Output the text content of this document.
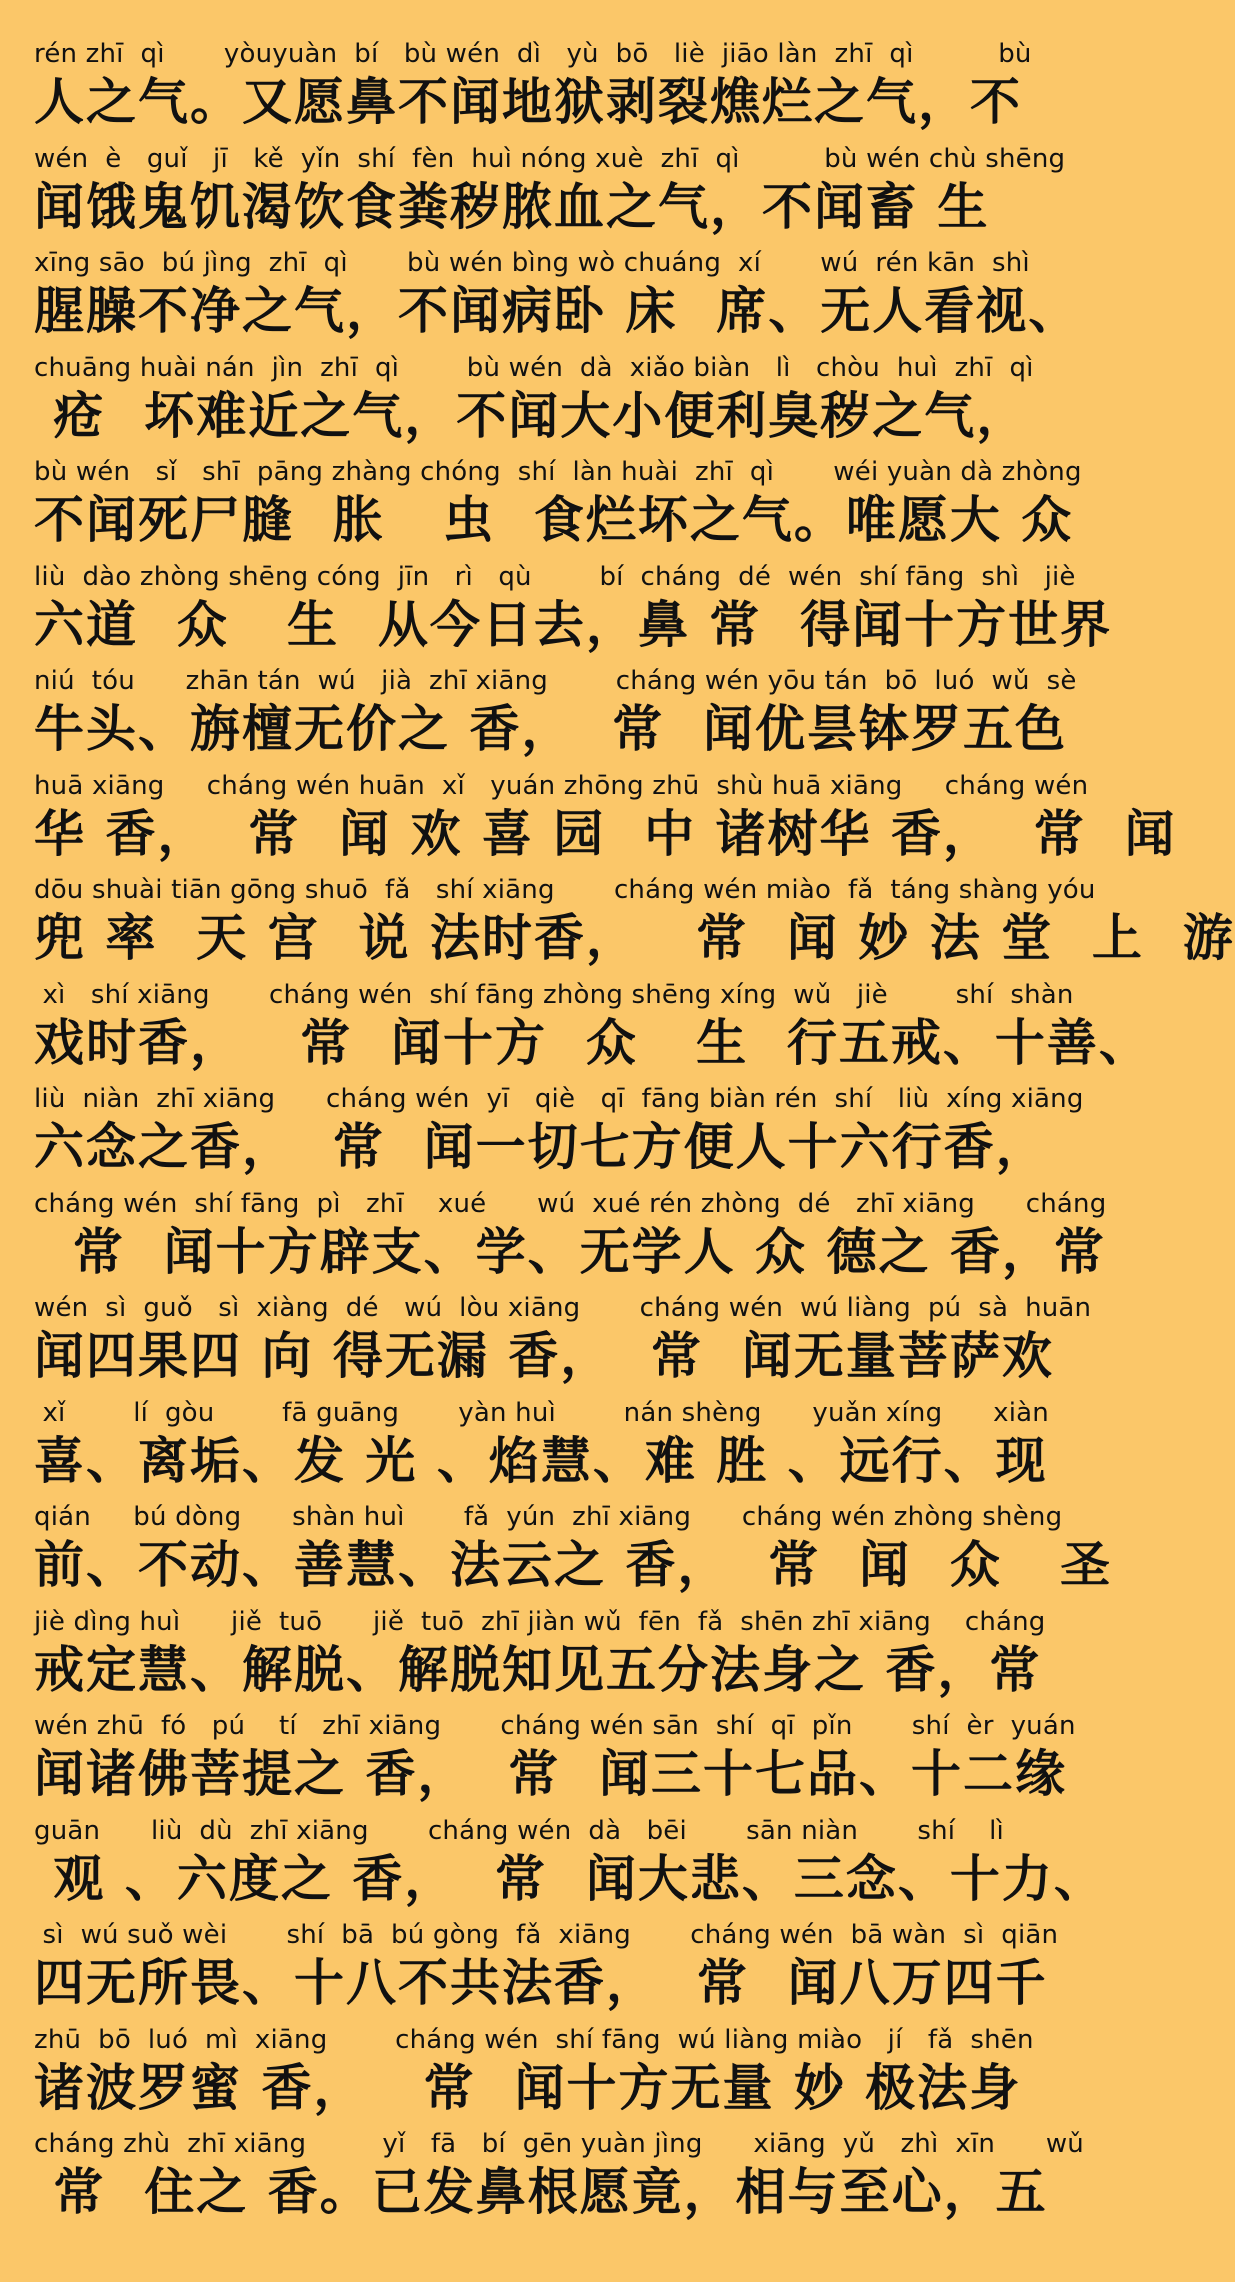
rén zhī  qì       yòuyuàn  bí   bù wén  dì   yù  bō   liè  jiāo làn  zhī  qì          bù
人之气。又愿鼻不闻地狱剥裂燋烂之气，不
wén  è   guǐ   jī   kě  yǐn  shí  fèn  huì nóng xuè  zhī  qì          bù wén chù shēng
闻饿鬼饥渴饮食粪秽脓血之气，不闻畜 生
xīng sāo  bú jìng  zhī  qì       bù wén bìng wò chuáng  xí       wú  rén kān  shì
腥臊不净之气，不闻病卧 床  席、无人看视、
chuāng huài nán  jìn  zhī  qì        bù wén  dà  xiǎo biàn   lì   chòu  huì  zhī  qì
疮  坏难近之气，不闻大小便利臭秽之气，
bù wén   sǐ   shī  pāng zhàng chóng  shí  làn huài  zhī  qì       wéi yuàn dà zhòng
不闻死尸膖  胀   虫  食烂坏之气。唯愿大 众
liù  dào zhòng shēng cóng  jīn   rì   qù        bí  cháng  dé  wén  shí fāng  shì   jiè
六道  众   生  从今日去，鼻 常  得闻十方世界
niú  tóu      zhān tán  wú   jià  zhī xiāng        cháng wén yōu tán  bō  luó  wǔ  sè
牛头、旃檀无价之 香，  常  闻优昙钵罗五色
huā xiāng     cháng wén huān  xǐ   yuán zhōng zhū  shù huā xiāng     cháng wén
华 香，  常  闻 欢 喜 园  中 诸树华 香，  常  闻
dōu shuài tiān gōng shuō  fǎ   shí xiāng       cháng wén miào  fǎ  táng shàng yóu
兜 率  天 宫  说 法时香，   常  闻 妙 法 堂  上  游
xì   shí xiāng       cháng wén  shí fāng zhòng shēng xíng  wǔ   jiè        shí  shàn
戏时香，   常  闻十方  众   生  行五戒、十善、
liù  niàn  zhī xiāng      cháng wén  yī   qiè   qī  fāng biàn rén  shí   liù  xíng xiāng
六念之香，  常  闻一切七方便人十六行香，
cháng wén  shí fāng  pì   zhī    xué      wú  xué rén zhòng  dé   zhī xiāng      cháng
常  闻十方辟支、学、无学人 众 德之 香，常
wén  sì  guǒ   sì  xiàng  dé   wú  lòu xiāng       cháng wén  wú liàng  pú  sà  huān
闻四果四 向 得无漏 香，  常  闻无量菩萨欢
xǐ        lí  gòu        fā guāng       yàn huì        nán shèng      yuǎn xíng      xiàn
喜、离垢、发 光 、焰慧、难 胜 、远行、现
qián     bú dòng      shàn huì       fǎ  yún  zhī xiāng      cháng wén zhòng shèng
前、不动、善慧、法云之 香，  常  闻  众   圣
jiè dìng huì      jiě  tuō      jiě  tuō  zhī jiàn wǔ  fēn  fǎ  shēn zhī xiāng    cháng
戒定慧、解脱、解脱知见五分法身之 香，常
wén zhū  fó   pú    tí   zhī xiāng       cháng wén sān  shí  qī  pǐn       shí  èr  yuán
闻诸佛菩提之 香，  常  闻三十七品、十二缘
guān      liù  dù  zhī xiāng       cháng wén  dà   bēi       sān niàn       shí    lì
观 、六度之 香，  常  闻大悲、三念、十力、
sì  wú suǒ wèi       shí  bā  bú gòng  fǎ  xiāng       cháng wén  bā wàn  sì  qiān
四无所畏、十八不共法香，  常  闻八万四千
zhū  bō  luó  mì  xiāng        cháng wén  shí fāng  wú liàng miào   jí   fǎ  shēn
诸波罗蜜 香，   常  闻十方无量 妙 极法身
cháng zhù  zhī xiāng         yǐ   fā   bí  gēn yuàn jìng      xiāng  yǔ   zhì  xīn      wǔ
常  住之 香。已发鼻根愿竟，相与至心，五
